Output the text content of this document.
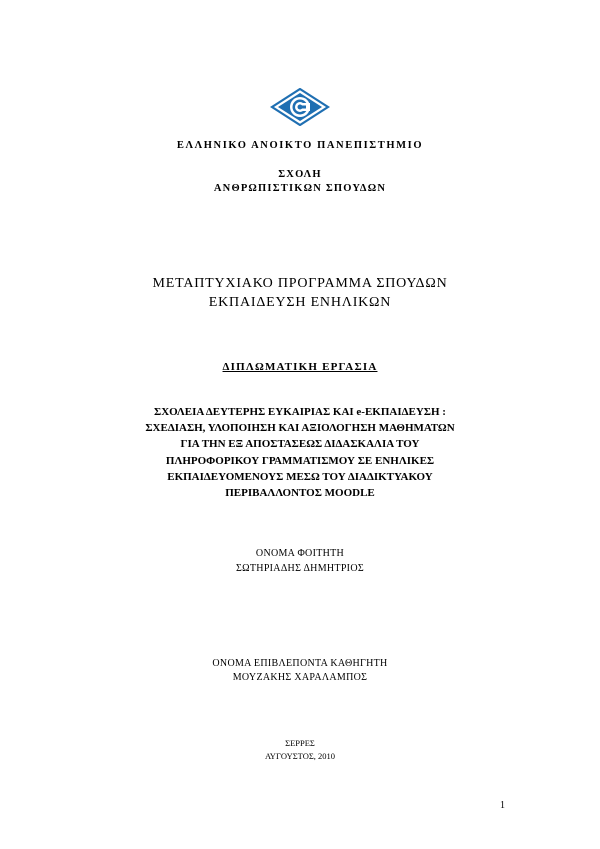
ΕΛΛΗΝΙΚΟ ΑΝΟΙΚΤΟ ΠΑΝΕΠΙΣΤΗΜΙΟ
ΣΧΟΛΗ
ΑΝΘΡΩΠΙΣΤΙΚΩΝ ΣΠΟΥΔΩΝ
ΜΕΤΑΠΤΥΧΙΑΚΟ ΠΡΟΓΡΑΜΜΑ ΣΠΟΥΔΩΝ
ΕΚΠΑΙΔΕΥΣΗ ΕΝΗΛΙΚΩΝ
ΔΙΠΛΩΜΑΤΙΚΗ ΕΡΓΑΣΙΑ
ΣΧΟΛΕΙΑ ΔΕΥΤΕΡΗΣ ΕΥΚΑΙΡΙΑΣ ΚΑΙ e-ΕΚΠΑΙΔΕΥΣΗ :
ΣΧΕΔΙΑΣΗ, ΥΛΟΠΟΙΗΣΗ ΚΑΙ ΑΞΙΟΛΟΓΗΣΗ ΜΑΘΗΜΑΤΩΝ
ΓΙΑ ΤΗΝ ΕΞ ΑΠΟΣΤΑΣΕΩΣ ΔΙΔΑΣΚΑΛΙΑ ΤΟΥ
ΠΛΗΡΟΦΟΡΙΚΟΥ ΓΡΑΜΜΑΤΙΣΜΟΥ ΣΕ ΕΝΗΛΙΚΕΣ
ΕΚΠΑΙΔΕΥΟΜΕΝΟΥΣ ΜΕΣΩ ΤΟΥ ΔΙΑΔΙΚΤΥΑΚΟΥ
ΠΕΡΙΒΑΛΛΟΝΤΟΣ MOODLE
ΟΝΟΜΑ ΦΟΙΤΗΤΗ
ΣΩΤΗΡΙΑΔΗΣ ΔΗΜΗΤΡΙΟΣ
ΟΝΟΜΑ ΕΠΙΒΛΕΠΟΝΤΑ ΚΑΘΗΓΗΤΗ
ΜΟΥΖΑΚΗΣ ΧΑΡΑΛΑΜΠΟΣ
ΣΕΡΡΕΣ
ΑΥΓΟΥΣΤΟΣ, 2010
1
